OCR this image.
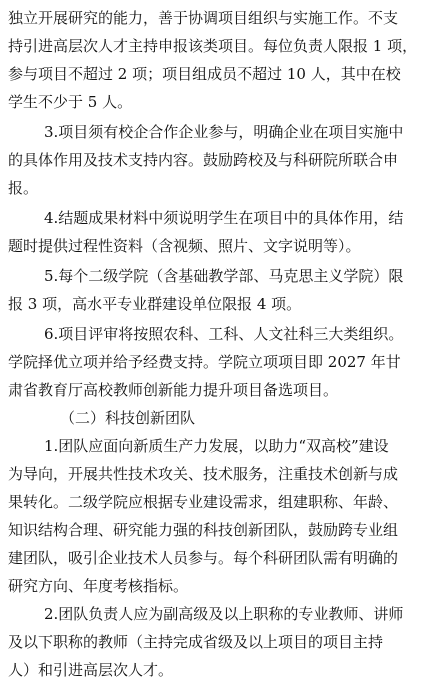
独立开展研究的能力，善于协调项目组织与实施工作。不支
持引进高层次人才主持申报该类项目。每位负责人限报 1 项，
参与项目不超过 2 项；项目组成员不超过 10 人，其中在校
学生不少于 5 人。
3.项目须有校企合作企业参与，明确企业在项目实施中
的具体作用及技术支持内容。鼓励跨校及与科研院所联合申
报。
4.结题成果材料中须说明学生在项目中的具体作用，结
题时提供过程性资料（含视频、照片、文字说明等）。
5.每个二级学院（含基础教学部、马克思主义学院）限
报 3 项，高水平专业群建设单位限报 4 项。
6.项目评审将按照农科、工科、人文社科三大类组织。
学院择优立项并给予经费支持。学院立项项目即 2027 年甘
肃省教育厅高校教师创新能力提升项目备选项目。
（二）科技创新团队
1.团队应面向新质生产力发展，以助力“双高校”建设
为导向，开展共性技术攻关、技术服务，注重技术创新与成
果转化。二级学院应根据专业建设需求，组建职称、年龄、
知识结构合理、研究能力强的科技创新团队，鼓励跨专业组
建团队，吸引企业技术人员参与。每个科研团队需有明确的
研究方向、年度考核指标。
2.团队负责人应为副高级及以上职称的专业教师、讲师
及以下职称的教师（主持完成省级及以上项目的项目主持
人）和引进高层次人才。
